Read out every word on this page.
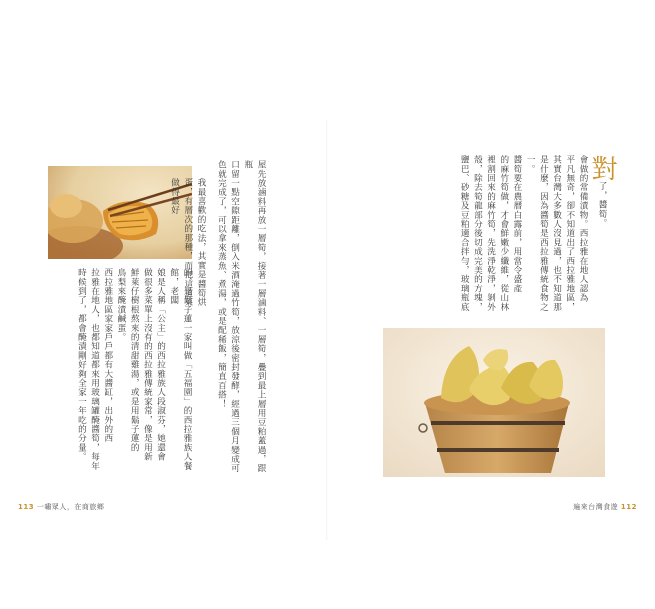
屋先放滷料再放一層筍，接著一層滷料、一層筍，疊到最上層用豆粕蓋過，跟瓶

口留一點空隙距離，倒入米酒淹過竹筍，放涼後密封發酵，經過三個月變成可

色就完成了，可以拿來蒸魚、煮湯，或是配稀飯，簡直百搭！

我最喜歡的吃法，其實是醬筍烘蛋，有層次的那種，而把這道菜做得最好

的，是鬍子蓮一家叫做「五福園」的西拉雅族人餐館，老闆

娘是人稱「公主」的西拉雅族人段淑芬，她還會

做很多菜單上沒有的西拉雅傳統家常，像是用新

鮮萊仔樹根熬來的清甜雞湯，或是用鬍子蓮的

鳥梨來醃漬鹹蛋。

西拉雅地區家家戶戶都有大醬缸，出外的西

拉雅在地人，也都知道都來用玻璃罐醃醬筍，每年

時候到了，都會醃漬剛好夠全家一年吃的分量。

113 一嘯眾人，在商旅鄉

對了，醬筍。

會做的常備漬物。西拉雅在地人認為

平凡無奇，卻不知道出了西拉雅地區，

其實台灣大多數人沒見過，也不知道那

是什麼，因為醬筍是西拉雅傳統食物之

一。

醬筍要在農曆白露前，用當令盛產

的麻竹筍做，才會鮮嫩少纖維，從山林

裡割回來的麻竹筍，先洗淨乾淨，剝外

殼，除去筍龍部分後切成完美的方塊，

鹽巴、砂糖及豆粕適合拌勻，玻璃瓶底

遍來台灣食遊 112
